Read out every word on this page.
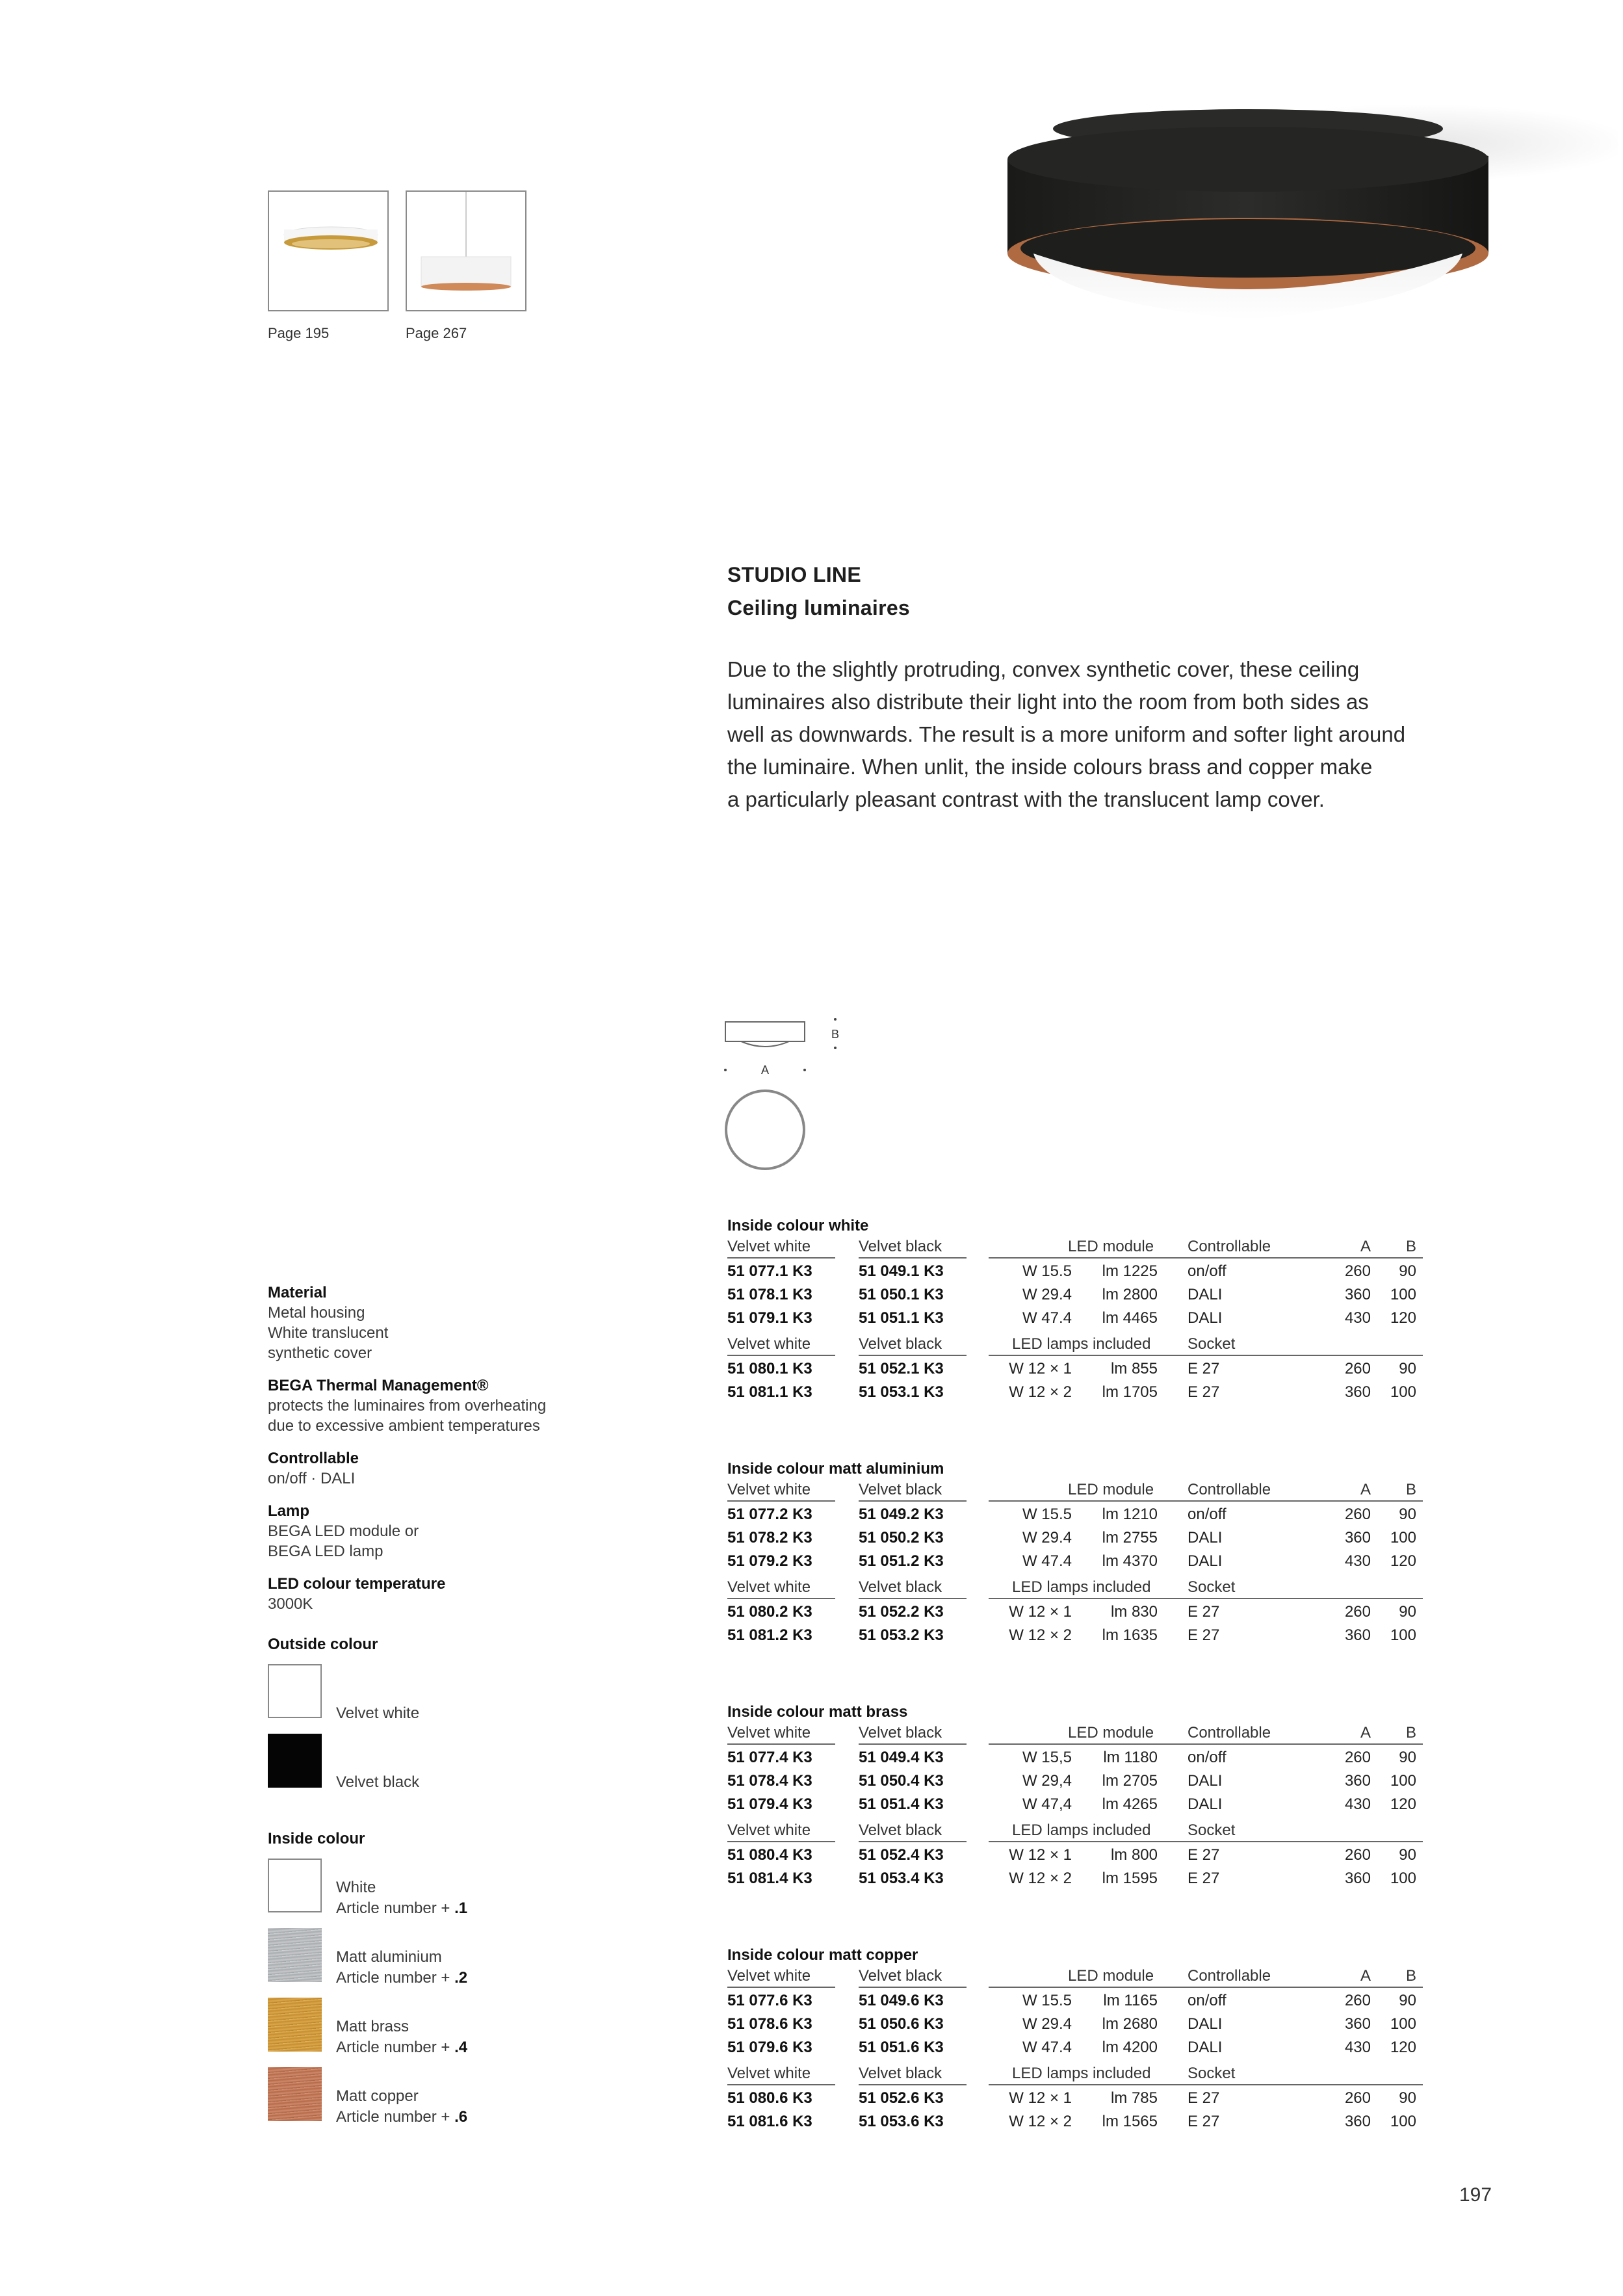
Page 195	Page 267
STUDIO LINE
Ceiling luminaires
Due to the slightly protruding, convex synthetic cover, these ceiling
luminaires also distribute their light into the room from both sides as
well as downwards. The result is a more uniform and softer light around
the luminaire. When unlit, the inside colours brass and copper make
a particularly pleasant contrast with the translucent lamp cover.
B
A
Material
Metal housing
White translucent
synthetic cover
BEGA Thermal Management®
protects the luminaires from overheating
due to excessive ambient temperatures
Controllable
on/off · DALI
Lamp
BEGA LED module or
BEGA LED lamp
LED colour temperature
3000K
Outside colour
Velvet white
Velvet black
Inside colour
White
Article number + .1
Matt aluminium
Article number + .2
Matt brass
Article number + .4
Matt copper
Article number + .6
Inside colour white
Velvet white	Velvet black	LED module Controllable	A B
51 077.1 K3	51 049.1 K3	15.5 W 1225 lm on/off	260 90
51 078.1 K3	51 050.1 K3	29.4 W 2800 lm DALI	360 100
51 079.1 K3	51 051.1 K3	47.4 W 4465 lm DALI	430 120
Velvet white	Velvet black	LED lamps included Socket
51 080.1 K3	51 052.1 K3	1 × 12 W 855 lm E 27	260 90
51 081.1 K3	51 053.1 K3	2 × 12 W 1705 lm E 27	360 100
Inside colour matt aluminium
Velvet white	Velvet black	LED module Controllable	A B
51 077.2 K3	51 049.2 K3	15.5 W 1210 lm on/off	260 90
51 078.2 K3	51 050.2 K3	29.4 W 2755 lm DALI	360 100
51 079.2 K3	51 051.2 K3	47.4 W 4370 lm DALI	430 120
Velvet white	Velvet black	LED lamps included Socket
51 080.2 K3	51 052.2 K3	1 × 12 W 830 lm E 27	260 90
51 081.2 K3	51 053.2 K3	2 × 12 W 1635 lm E 27	360 100
Inside colour matt brass
Velvet white	Velvet black	LED module Controllable	A B
51 077.4 K3	51 049.4 K3	15,5 W 1180 lm on/off	260 90
51 078.4 K3	51 050.4 K3	29,4 W 2705 lm DALI	360 100
51 079.4 K3	51 051.4 K3	47,4 W 4265 lm DALI	430 120
Velvet white	Velvet black	LED lamps included Socket
51 080.4 K3	51 052.4 K3	1 × 12 W 800 lm E 27	260 90
51 081.4 K3	51 053.4 K3	2 × 12 W 1595 lm E 27	360 100
Inside colour matt copper
Velvet white	Velvet black	LED module Controllable	A B
51 077.6 K3	51 049.6 K3	15.5 W 1165 lm on/off	260 90
51 078.6 K3	51 050.6 K3	29.4 W 2680 lm DALI	360 100
51 079.6 K3	51 051.6 K3	47.4 W 4200 lm DALI	430 120
Velvet white	Velvet black	LED lamps included Socket
51 080.6 K3	51 052.6 K3	1 × 12 W 785 lm E 27	260 90
51 081.6 K3	51 053.6 K3	2 × 12 W 1565 lm E 27	360 100
197
